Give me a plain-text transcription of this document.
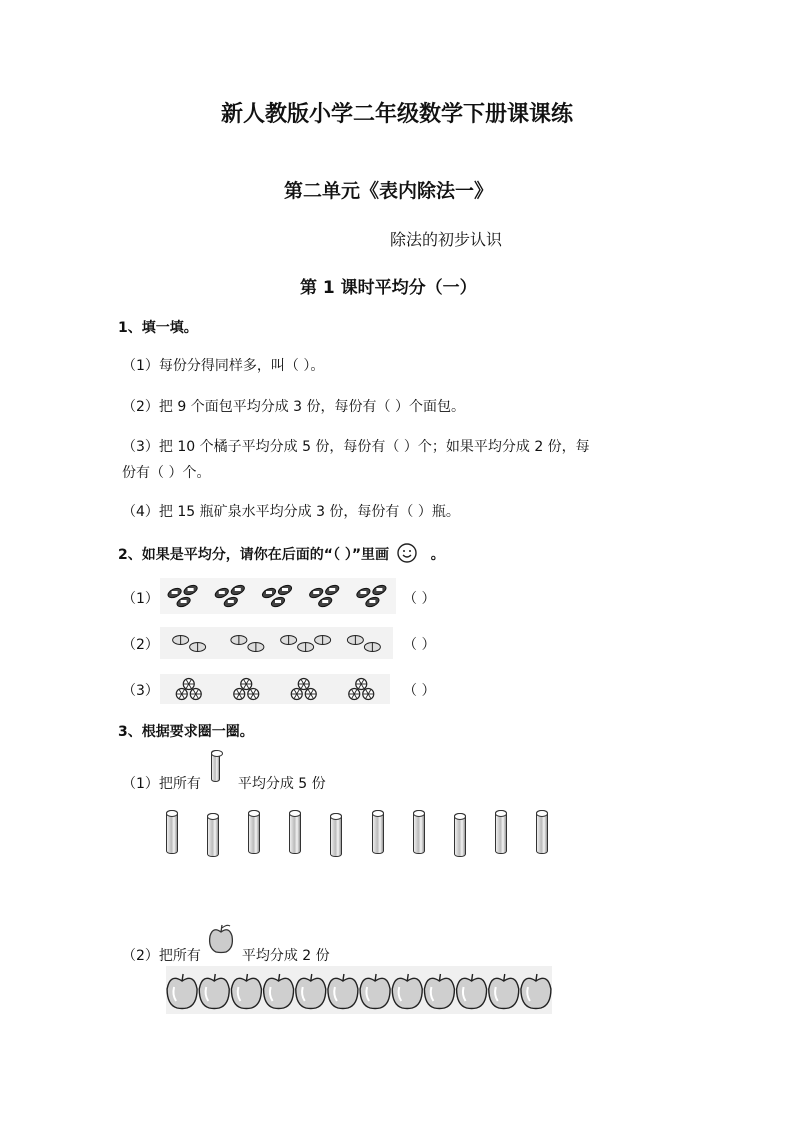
新人教版小学二年级数学下册课课练
第二单元《表内除法一》
除法的初步认识
第 1 课时平均分（一）
1、填一填。
（1）每份分得同样多，叫（ ）。
（2）把 9 个面包平均分成 3 份，每份有（ ）个面包。
（3）把 10 个橘子平均分成 5 份，每份有（ ）个；如果平均分成 2 份，每
份有（ ）个。
（4）把 15 瓶矿泉水平均分成 3 份，每份有（ ）瓶。
2、如果是平均分，请你在后面的“（ ）”里画	。
（1）	（ ）
（2）	（ ）
（3）	（ ）
3、根据要求圈一圈。
（1）把所有	平均分成 5 份
（2）把所有	平均分成 2 份
